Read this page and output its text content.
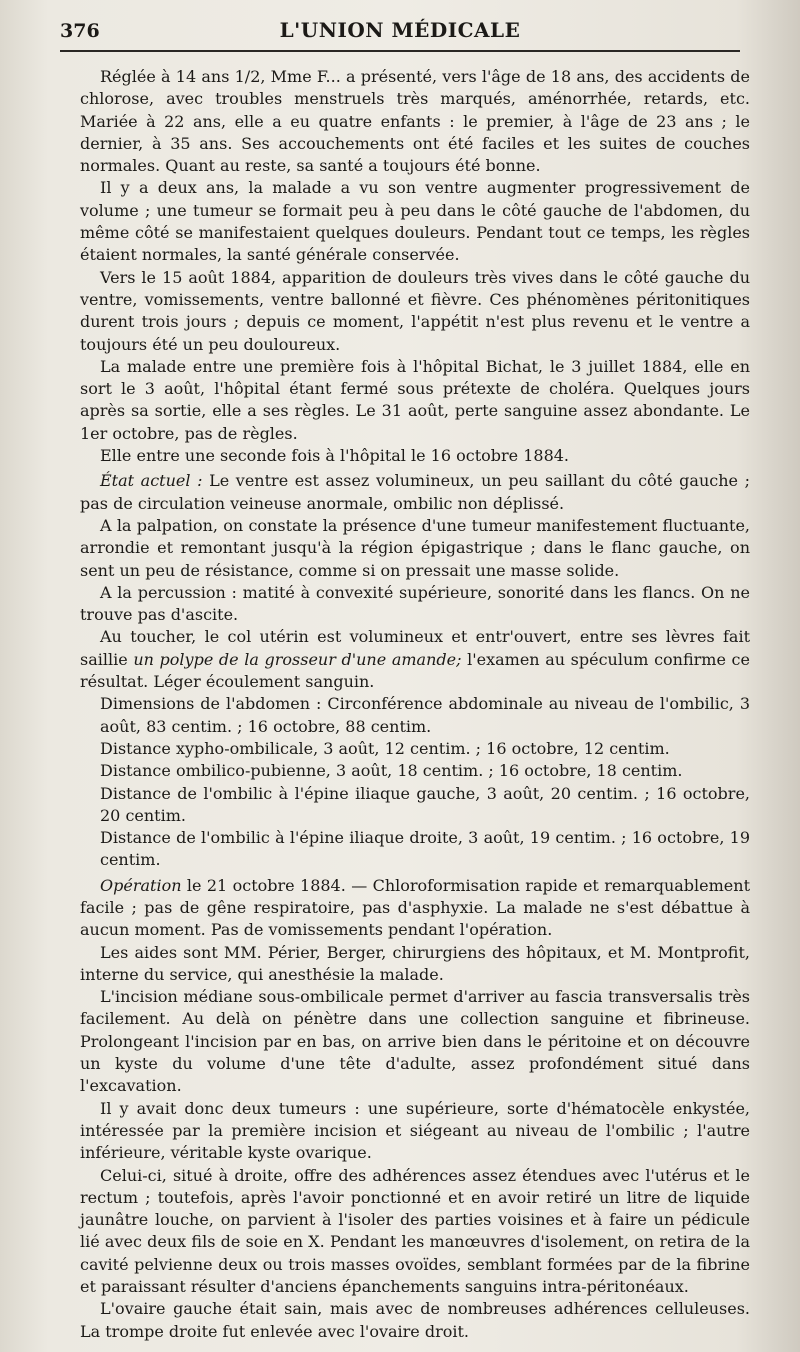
376	L'UNION MÉDICALE

Réglée à 14 ans 1/2, Mme F... a présenté, vers l'âge de 18 ans, des accidents de chlorose, avec troubles menstruels très marqués, aménorrhée, retards, etc. Mariée à 22 ans, elle a eu quatre enfants : le premier, à l'âge de 23 ans ; le dernier, à 35 ans. Ses accouchements ont été faciles et les suites de couches normales. Quant au reste, sa santé a toujours été bonne.

Il y a deux ans, la malade a vu son ventre augmenter progressivement de volume ; une tumeur se formait peu à peu dans le côté gauche de l'abdomen, du même côté se manifestaient quelques douleurs. Pendant tout ce temps, les règles étaient normales, la santé générale conservée.

Vers le 15 août 1884, apparition de douleurs très vives dans le côté gauche du ventre, vomissements, ventre ballonné et fièvre. Ces phénomènes péritonitiques durent trois jours ; depuis ce moment, l'appétit n'est plus revenu et le ventre a toujours été un peu douloureux.

La malade entre une première fois à l'hôpital Bichat, le 3 juillet 1884, elle en sort le 3 août, l'hôpital étant fermé sous prétexte de choléra. Quelques jours après sa sortie, elle a ses règles. Le 31 août, perte sanguine assez abondante. Le 1er octobre, pas de règles.

Elle entre une seconde fois à l'hôpital le 16 octobre 1884.

État actuel : Le ventre est assez volumineux, un peu saillant du côté gauche ; pas de circulation veineuse anormale, ombilic non déplissé.

A la palpation, on constate la présence d'une tumeur manifestement fluctuante, arrondie et remontant jusqu'à la région épigastrique ; dans le flanc gauche, on sent un peu de résistance, comme si on pressait une masse solide.

A la percussion : matité à convexité supérieure, sonorité dans les flancs. On ne trouve pas d'ascite.

Au toucher, le col utérin est volumineux et entr'ouvert, entre ses lèvres fait saillie un polype de la grosseur d'une amande; l'examen au spéculum confirme ce résultat. Léger écoulement sanguin.

Dimensions de l'abdomen : Circonférence abdominale au niveau de l'ombilic, 3 août, 83 centim. ; 16 octobre, 88 centim.

Distance xypho-ombilicale, 3 août, 12 centim. ; 16 octobre, 12 centim.

Distance ombilico-pubienne, 3 août, 18 centim. ; 16 octobre, 18 centim.

Distance de l'ombilic à l'épine iliaque gauche, 3 août, 20 centim. ; 16 octobre, 20 centim.

Distance de l'ombilic à l'épine iliaque droite, 3 août, 19 centim. ; 16 octobre, 19 centim.

Opération le 21 octobre 1884. — Chloroformisation rapide et remarquablement facile ; pas de gêne respiratoire, pas d'asphyxie. La malade ne s'est débattue à aucun moment. Pas de vomissements pendant l'opération.

Les aides sont MM. Périer, Berger, chirurgiens des hôpitaux, et M. Montprofit, interne du service, qui anesthésie la malade.

L'incision médiane sous-ombilicale permet d'arriver au fascia transversalis très facilement. Au delà on pénètre dans une collection sanguine et fibrineuse. Prolongeant l'incision par en bas, on arrive bien dans le péritoine et on découvre un kyste du volume d'une tête d'adulte, assez profondément situé dans l'excavation.

Il y avait donc deux tumeurs : une supérieure, sorte d'hématocèle enkystée, intéressée par la première incision et siégeant au niveau de l'ombilic ; l'autre inférieure, véritable kyste ovarique.

Celui-ci, situé à droite, offre des adhérences assez étendues avec l'utérus et le rectum ; toutefois, après l'avoir ponctionné et en avoir retiré un litre de liquide jaunâtre louche, on parvient à l'isoler des parties voisines et à faire un pédicule lié avec deux fils de soie en X. Pendant les manœuvres d'isolement, on retira de la cavité pelvienne deux ou trois masses ovoïdes, semblant formées par de la fibrine et paraissant résulter d'anciens épanchements sanguins intra-péritonéaux.

L'ovaire gauche était sain, mais avec de nombreuses adhérences celluleuses. La trompe droite fut enlevée avec l'ovaire droit.
